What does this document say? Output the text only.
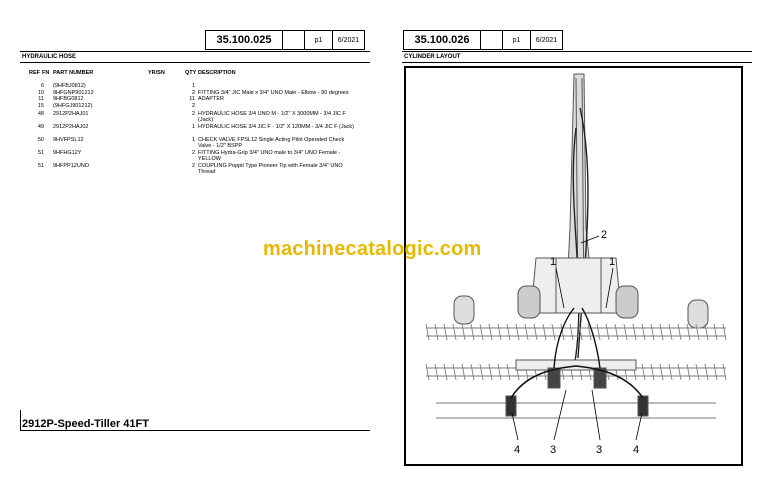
35.100.025	p1	6/2021
HYDRAULIC HOSE
REF FN PART NUMBER	YR/SN	QTY DESCRIPTION
6 (9HFBJ0812)	1
10 9HFGNP901212	2 FITTING 3/4" JIC Male x 3/4" UNO Male - Elbow - 90 degrees
11 9HFBG0812	11 ADAPTER
15 (9HFGJ901212)	2
48 2912P2HAJ01	2 HYDRAULIC HOSE 3/4 UNO M - 1/2" X 3000MM - 3/4 JIC F (Jack)
49 2912P2HAJ02	1 HYDRAULIC HOSE 3/4 JIC F - 1/2" X 120MM - 3/4 JIC F (Jack)
50 9HVFPSL12	1 CHECK VALVE FPSL12 Single Acting Pilot Operated Check Valve - 1/2" BSPP
51 9HFHG12Y	2 FITTING Hydra-Grip 3/4" UNO male to 3/4" UNO Female - YELLOW
51 9HFPP12UNO	2 COUPLING Poppit Type Pioneer Tip with Female 3/4" UNO Thread
2912P-Speed-Tiller 41FT
35.100.026	p1	6/2021
CYLINDER LAYOUT
2
1	1
4	3	3	4
machinecatalogic.com
